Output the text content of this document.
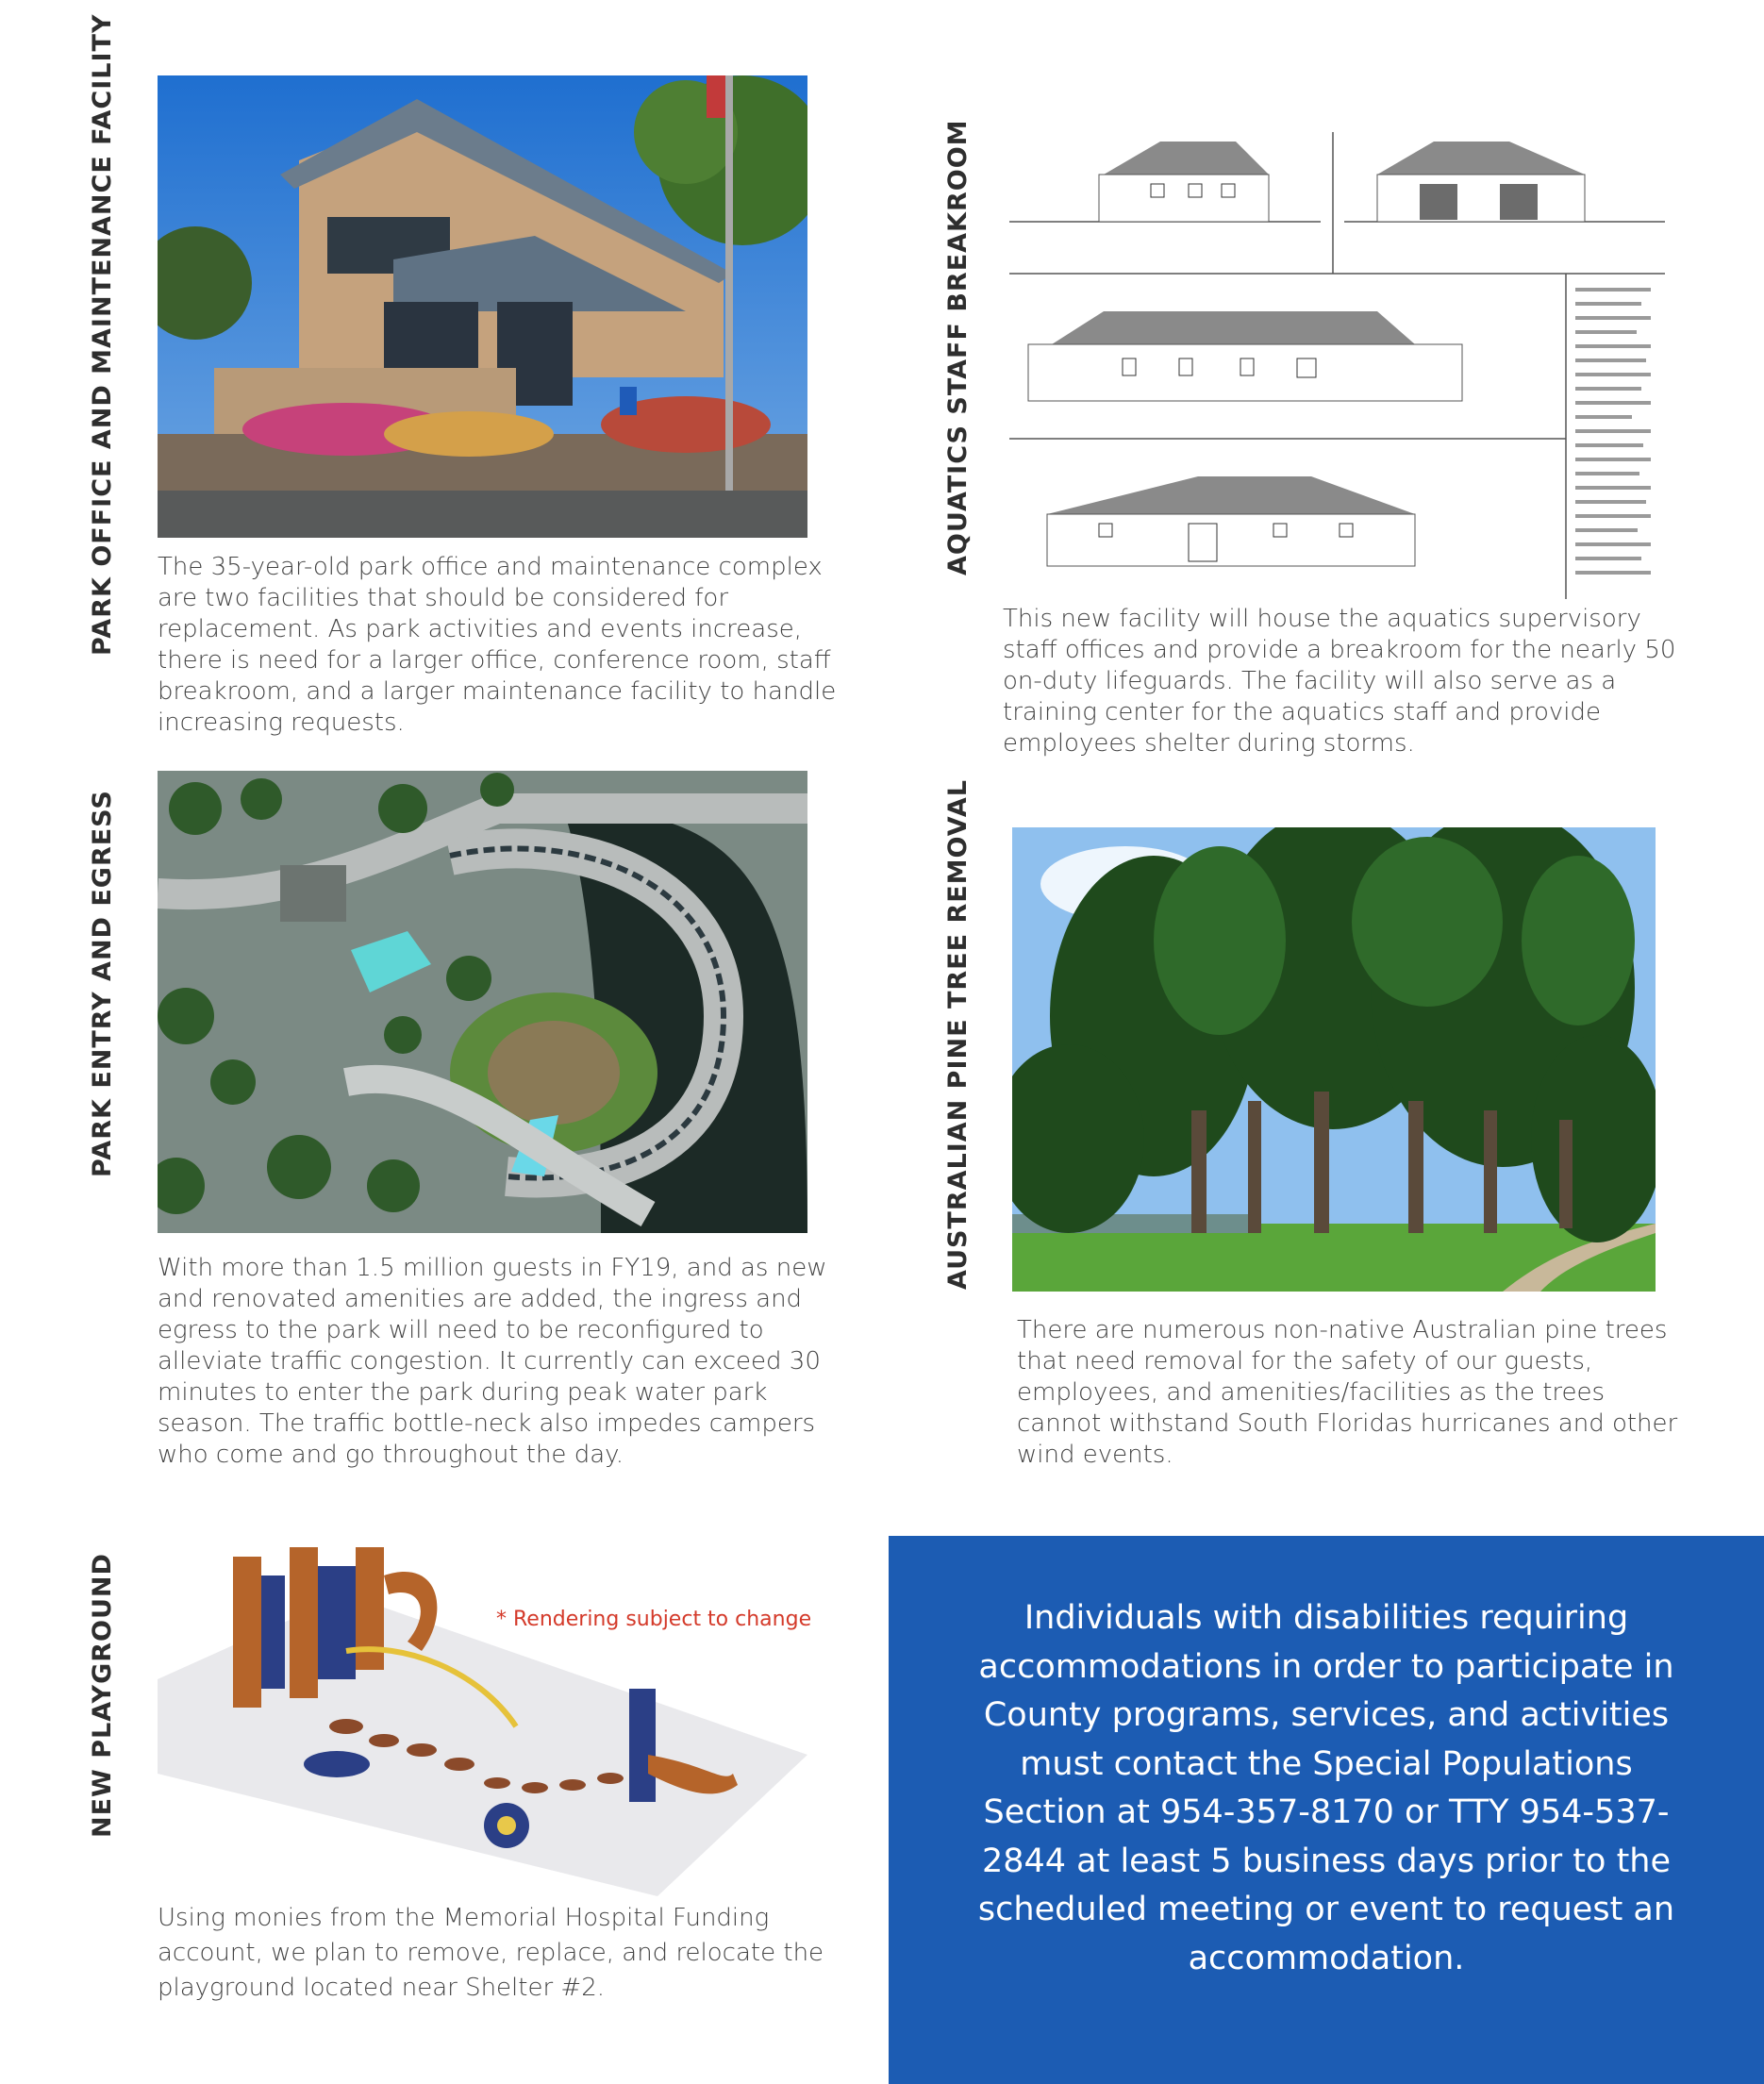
PARK OFFICE AND MAINTENANCE FACILITY The 35-year-old park office and maintenance complex are two facilities that should be considered for replacement. As park activities and events increase, there is need for a larger office, conference room, staff breakroom, and a larger maintenance facility to handle increasing requests.
AQUATICS STAFF BREAKROOM
This new facility will house the aquatics supervisory staff offices and provide a breakroom for the nearly 50 on-duty lifeguards. The facility will also serve as a training center for the aquatics staff and provide employees shelter during storms.
PARK ENTRY AND EGRESS
With more than 1.5 million guests in FY19, and as new and renovated amenities are added, the ingress and egress to the park will need to be reconfigured to alleviate traffic congestion. It currently can exceed 30 minutes to enter the park during peak water park season. The traffic bottle-neck also impedes campers who come and go throughout the day.
AUSTRALIAN PINE TREE REMOVAL
There are numerous non-native Australian pine trees that need removal for the safety of our guests, employees, and amenities/facilities as the trees cannot withstand South Floridas hurricanes and other wind events.
NEW PLAYGROUND	* Rendering subject to change
Using monies from the Memorial Hospital Funding account, we plan to remove, replace, and relocate the playground located near Shelter #2.
Individuals with disabilities requiring accommodations in order to participate in County programs, services, and activities must contact the Special Populations Section at 954-357-8170 or TTY 954-537-2844 at least 5 business days prior to the scheduled meeting or event to request an accommodation.
